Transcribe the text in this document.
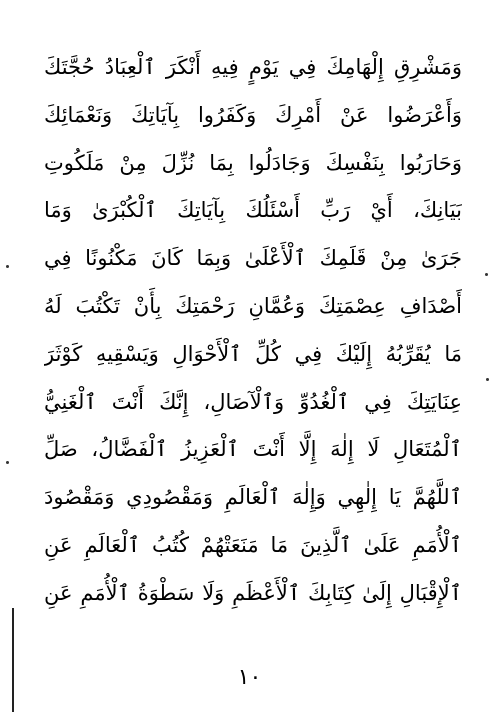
وَمَشْرِقِ إِلْهَامِكَ فِي يَوْمٍ فِيهِ أَنْكَرَ ٱلْعِبَادُ حُجَّتَكَ
وَأَعْرَضُوا عَنْ أَمْرِكَ وَكَفَرُوا بِآيَاتِكَ وَنَعْمَائِكَ
وَحَارَبُوا بِنَفْسِكَ وَجَادَلُوا بِمَا نُزِّلَ مِنْ مَلَكُوتِ
بَيَانِكَ، أَيْ رَبِّ أَسْئَلُكَ بِآيَاتِكَ ٱلْكُبْرَىٰ وَمَا
جَرَىٰ مِنْ قَلَمِكَ ٱلْأَعْلَىٰ وَبِمَا كَانَ مَكْنُونًا فِي
أَصْدَافِ عِصْمَتِكَ وَعُمَّانِ رَحْمَتِكَ بِأَنْ تَكْتُبَ لَهُ
مَا يُقَرِّبُهُ إِلَيْكَ فِي كُلِّ ٱلْأَحْوَالِ وَيَسْقِيهِ كَوْثَرَ
عِنَايَتِكَ فِي ٱلْغُدُوِّ وَٱلْآصَالِ، إِنَّكَ أَنْتَ ٱلْغَنِيُّ
ٱلْمُتَعَالِ لَا إِلٰهَ إِلَّا أَنْتَ ٱلْعَزِيزُ ٱلْفَضَّالُ، صَلِّ
ٱللَّهُمَّ يَا إِلٰهِي وَإِلٰهَ ٱلْعَالَمِ وَمَقْصُودِي وَمَقْصُودَ
ٱلْأُمَمِ عَلَىٰ ٱلَّذِينَ مَا مَنَعَتْهُمْ كُتُبُ ٱلْعَالَمِ عَنِ
ٱلْإِقْبَالِ إِلَىٰ كِتَابِكَ ٱلْأَعْظَمِ وَلَا سَطْوَةُ ٱلْأُمَمِ عَنِ
١٠
